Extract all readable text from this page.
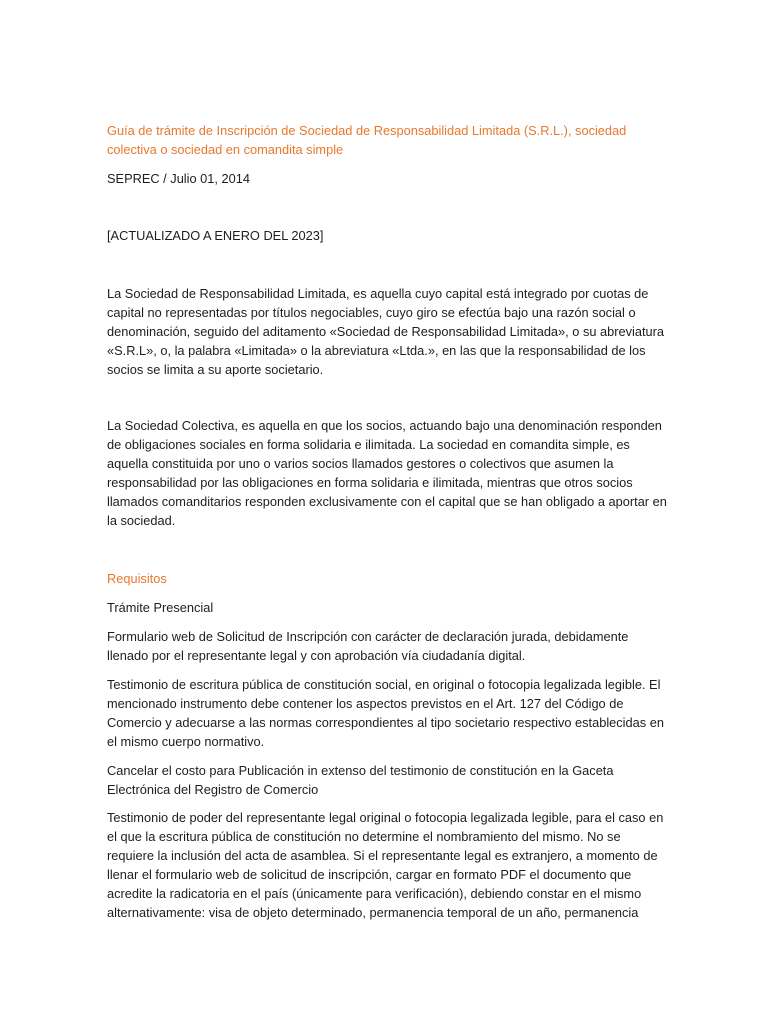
Guía de trámite de Inscripción de Sociedad de Responsabilidad Limitada (S.R.L.), sociedad colectiva o sociedad en comandita simple

SEPREC / Julio 01, 2014

[ACTUALIZADO A ENERO DEL 2023]

La Sociedad de Responsabilidad Limitada, es aquella cuyo capital está integrado por cuotas de capital no representadas por títulos negociables, cuyo giro se efectúa bajo una razón social o denominación, seguido del aditamento «Sociedad de Responsabilidad Limitada», o su abreviatura «S.R.L», o, la palabra «Limitada» o la abreviatura «Ltda.», en las que la responsabilidad de los socios se limita a su aporte societario.

La Sociedad Colectiva, es aquella en que los socios, actuando bajo una denominación responden de obligaciones sociales en forma solidaria e ilimitada. La sociedad en comandita simple, es aquella constituida por uno o varios socios llamados gestores o colectivos que asumen la responsabilidad por las obligaciones en forma solidaria e ilimitada, mientras que otros socios llamados comanditarios responden exclusivamente con el capital que se han obligado a aportar en la sociedad.

Requisitos

Trámite Presencial

Formulario web de Solicitud de Inscripción con carácter de declaración jurada, debidamente llenado por el representante legal y con aprobación vía ciudadanía digital.

Testimonio de escritura pública de constitución social, en original o fotocopia legalizada legible. El mencionado instrumento debe contener los aspectos previstos en el Art. 127 del Código de Comercio y adecuarse a las normas correspondientes al tipo societario respectivo establecidas en el mismo cuerpo normativo.

Cancelar el costo para Publicación in extenso del testimonio de constitución en la Gaceta Electrónica del Registro de Comercio

Testimonio de poder del representante legal original o fotocopia legalizada legible, para el caso en el que la escritura pública de constitución no determine el nombramiento del mismo. No se requiere la inclusión del acta de asamblea. Si el representante legal es extranjero, a momento de llenar el formulario web de solicitud de inscripción, cargar en formato PDF el documento que acredite la radicatoria en el país (únicamente para verificación), debiendo constar en el mismo alternativamente: visa de objeto determinado, permanencia temporal de un año, permanencia
